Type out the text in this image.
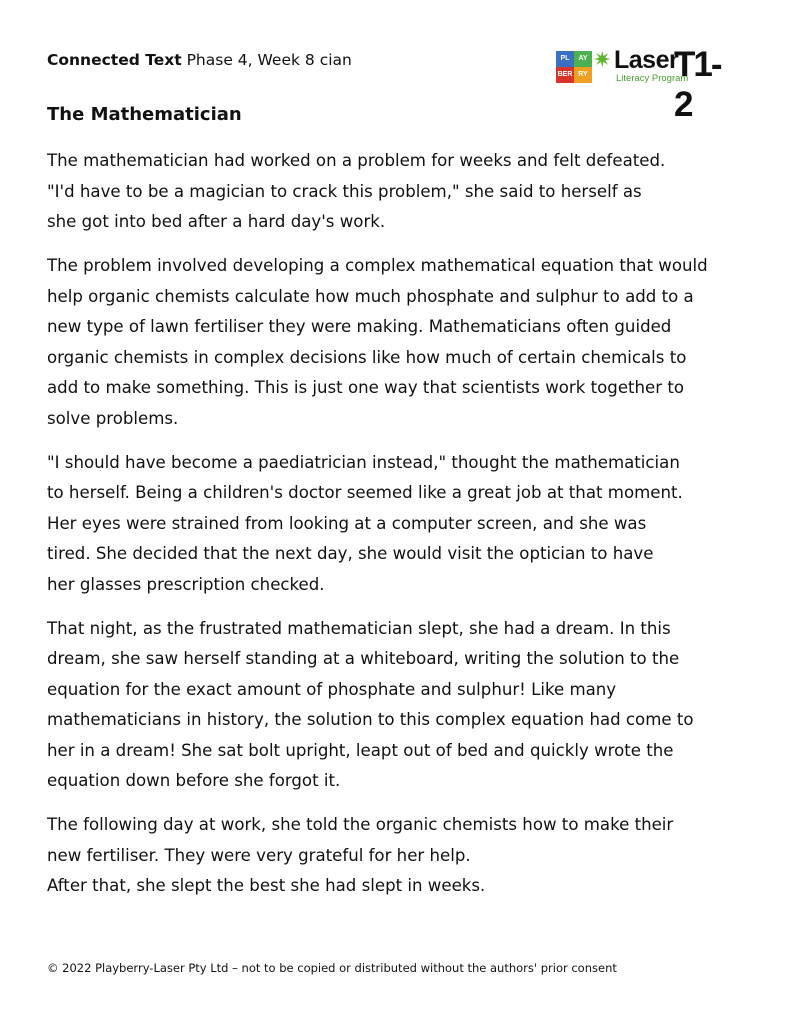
Connected Text Phase 4, Week 8 cian	PL	AY
BER RY
✷ Laser
Literacy Program
T1-2
The Mathematician
The mathematician had worked on a problem for weeks and felt defeated.
"I'd have to be a magician to crack this problem," she said to herself as
she got into bed after a hard day's work.
The problem involved developing a complex mathematical equation that would
help organic chemists calculate how much phosphate and sulphur to add to a
new type of lawn fertiliser they were making. Mathematicians often guided
organic chemists in complex decisions like how much of certain chemicals to
add to make something. This is just one way that scientists work together to
solve problems.
"I should have become a paediatrician instead," thought the mathematician
to herself. Being a children's doctor seemed like a great job at that moment.
Her eyes were strained from looking at a computer screen, and she was
tired. She decided that the next day, she would visit the optician to have
her glasses prescription checked.
That night, as the frustrated mathematician slept, she had a dream. In this
dream, she saw herself standing at a whiteboard, writing the solution to the
equation for the exact amount of phosphate and sulphur! Like many
mathematicians in history, the solution to this complex equation had come to
her in a dream! She sat bolt upright, leapt out of bed and quickly wrote the
equation down before she forgot it.
The following day at work, she told the organic chemists how to make their
new fertiliser. They were very grateful for her help.
After that, she slept the best she had slept in weeks.
© 2022 Playberry-Laser Pty Ltd – not to be copied or distributed without the authors' prior consent
